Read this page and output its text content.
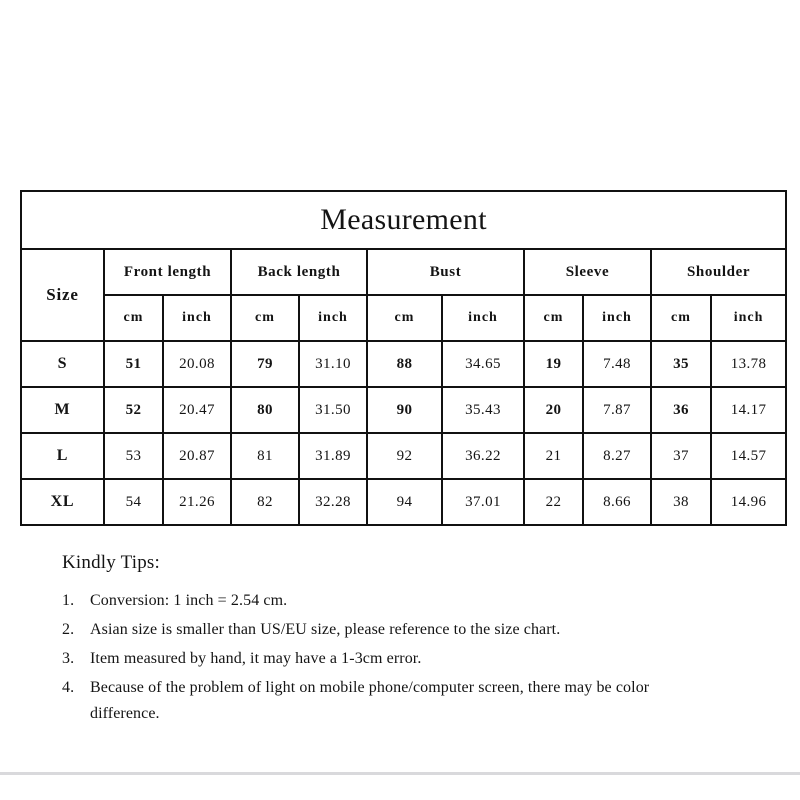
Measurement										
Size	Front length		Back length		Bust		Sleeve		Shoulder	
	cm	inch	cm	inch	cm	inch	cm	inch	cm	inch
S	51	20.08	79	31.10	88	34.65	19	7.48	35	13.78
M	52	20.47	80	31.50	90	35.43	20	7.87	36	14.17
L	53	20.87	81	31.89	92	36.22	21	8.27	37	14.57
XL	54	21.26	82	32.28	94	37.01	22	8.66	38	14.96
Kindly Tips:
1. Conversion: 1 inch = 2.54 cm.
2. Asian size is smaller than US/EU size, please reference to the size chart.
3. Item measured by hand, it may have a 1-3cm error.
4. Because of the problem of light on mobile phone/computer screen, there may be color difference.
